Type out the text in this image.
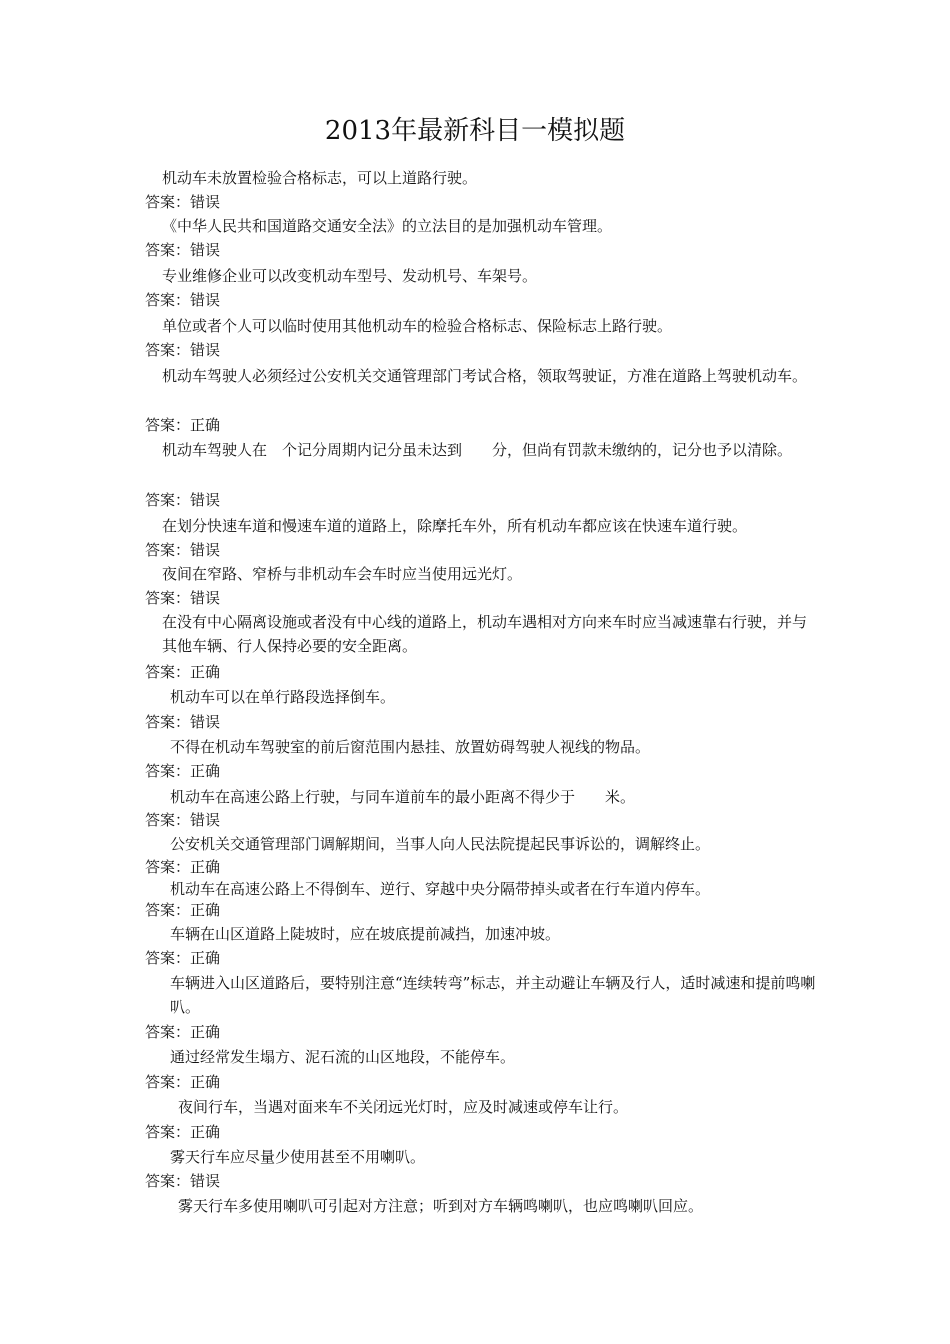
2013年最新科目一模拟题
机动车未放置检验合格标志，可以上道路行驶。
答案：错误
《中华人民共和国道路交通安全法》的立法目的是加强机动车管理。
答案：错误
专业维修企业可以改变机动车型号、发动机号、车架号。
答案：错误
单位或者个人可以临时使用其他机动车的检验合格标志、保险标志上路行驶。
答案：错误
机动车驾驶人必须经过公安机关交通管理部门考试合格，领取驾驶证，方准在道路上驾驶机动车。
答案：正确
机动车驾驶人在　个记分周期内记分虽未达到　　分，但尚有罚款未缴纳的，记分也予以清除。
答案：错误
在划分快速车道和慢速车道的道路上，除摩托车外，所有机动车都应该在快速车道行驶。
答案：错误
夜间在窄路、窄桥与非机动车会车时应当使用远光灯。
答案：错误
在没有中心隔离设施或者没有中心线的道路上，机动车遇相对方向来车时应当减速靠右行驶，并与其他车辆、行人保持必要的安全距离。
答案：正确
机动车可以在单行路段选择倒车。
答案：错误
不得在机动车驾驶室的前后窗范围内悬挂、放置妨碍驾驶人视线的物品。
答案：正确
机动车在高速公路上行驶，与同车道前车的最小距离不得少于　　米。
答案：错误
公安机关交通管理部门调解期间，当事人向人民法院提起民事诉讼的，调解终止。
答案：正确
机动车在高速公路上不得倒车、逆行、穿越中央分隔带掉头或者在行车道内停车。
答案：正确
车辆在山区道路上陡坡时，应在坡底提前减挡，加速冲坡。
答案：正确
车辆进入山区道路后，要特别注意“连续转弯”标志，并主动避让车辆及行人，适时减速和提前鸣喇叭。
答案：正确
通过经常发生塌方、泥石流的山区地段，不能停车。
答案：正确
夜间行车，当遇对面来车不关闭远光灯时，应及时减速或停车让行。
答案：正确
雾天行车应尽量少使用甚至不用喇叭。
答案：错误
雾天行车多使用喇叭可引起对方注意；听到对方车辆鸣喇叭，也应鸣喇叭回应。
